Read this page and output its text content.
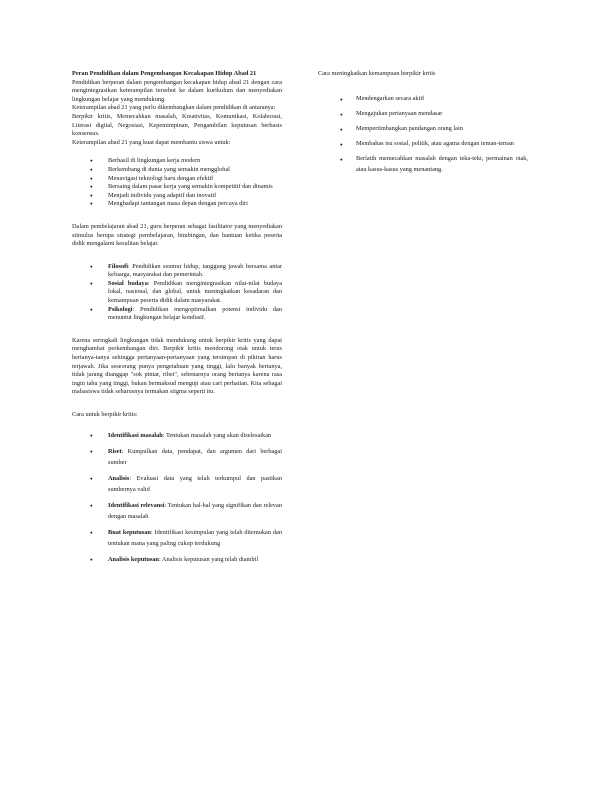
Peran Pendidikan dalam Pengembangan Kecakapan Hidup Abad 21

Pendidikan berperan dalam pengembangan kecakapan hidup abad 21 dengan cara mengintegrasikan keterampilan tersebut ke dalam kurikulum dan menyediakan lingkungan belajar yang mendukung.

Keterampilan abad 21 yang perlu dikembangkan dalam pendidikan di antaranya:

Berpikir kritis, Memecahkan masalah, Kreativitas, Komunikasi, Kolaborasi, Literasi digital, Negosiasi, Kepemimpinan, Pengambilan keputusan berbasis konsensus.

Keterampilan abad 21 yang kuat dapat membantu siswa untuk:

● Berhasil di lingkungan kerja modern
● Berkembang di dunia yang semakin mengglobal
● Menavigasi teknologi baru dengan efektif
● Bersaing dalam pasar kerja yang semakin kompetitif dan dinamis
● Menjadi individu yang adaptif dan inovatif
● Menghadapi tantangan masa depan dengan percaya diri

Dalam pembelajaran abad 21, guru berperan sebagai fasilitator yang menyediakan stimulus berupa strategi pembelajaran, bimbingan, dan bantuan ketika peserta didik mengalami kesulitan belajar.

● Filosofi: Pendidikan seumur hidup, tanggung jawab bersama antar keluarga, masyarakat dan pemerintah.
● Sosial budaya: Pendidikan mengintegrasikan nilai-nilai budaya lokal, nasional, dan global, untuk meningkatkan kesadaran dan kemampuan peserta didik dalam masyarakat.
● Psikologi: Pendidikan mengoptimalkan potensi individu dan menuntut lingkungan belajar kondusif.

Karena seringkali lingkungan tidak mendukung untuk berpikir kritis yang dapat menghambat perkembangan diri. Berpikir kritis mendorong otak untuk terus bertanya-tanya sehingga pertanyaan-pertanyaan yang tersimpan di pikiran harus terjawab. Jika seseorang punya pengetahuan yang tinggi, lalu banyak bertanya, tidak jarang dianggap "sok pintar, ribet", sebenarnya orang bertanya karena rasa ingin tahu yang tinggi, bukan bermaksud menguji atau cari perhatian. Kita sebagai mahasiswa tidak seharusnya termakan stigma seperti itu.

Cara untuk berpikir kritis:

● Identifikasi masalah: Tentukan masalah yang akan diselesaikan
● Riset: Kumpulkan data, pendapat, dan argumen dari berbagai sumber
● Analisis: Evaluasi data yang telah terkumpul dan pastikan sumbernya valid
● Identifikasi relevansi: Tentukan hal-hal yang signifikan dan relevan dengan masalah
● Buat keputusan: Identifikasi kesimpulan yang telah ditemukan dan tentukan mana yang paling cukup terdukung
● Analisis keputusan: Analisis keputusan yang telah diambil

Cara meningkatkan kemampuan berpikir kritis

● Mendengarkan secara aktif
● Mengajukan pertanyaan mendasar
● Mempertimbangkan pandangan orang lain
● Membahas isu sosial, politik, atau agama dengan teman-teman
● Berlatih memecahkan masalah dengan teka-teki, permainan otak, atau kasus-kasus yang menantang.
